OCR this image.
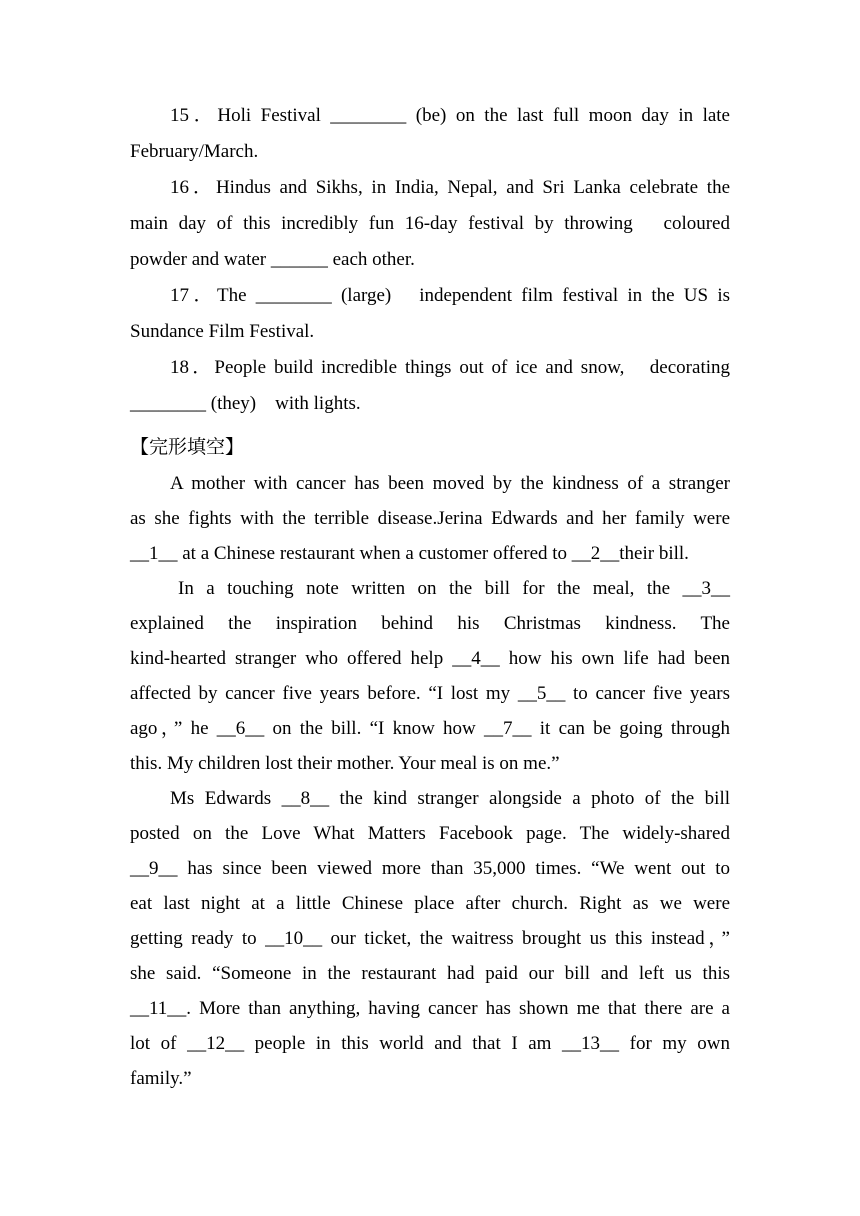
15．Holi Festival ________ (be) on the last full moon day in late
February/March.
16．Hindus and Sikhs, in India, Nepal, and Sri Lanka celebrate the
main day of this incredibly fun 16-day festival by throwing　coloured
powder and water ______ each other.
17．The ________ (large)　independent film festival in the US is
Sundance Film Festival.
18．People build incredible things out of ice and snow,　decorating
________ (they)　with lights.
【完形填空】
A mother with cancer has been moved by the kindness of a stranger
as she fights with the terrible disease.Jerina Edwards and her family were
__1__ at a Chinese restaurant when a customer offered to __2__their bill.
In a touching note written on the bill for the meal, the __3__
explained the inspiration behind his Christmas kindness. The
kind-hearted stranger who offered help __4__ how his own life had been
affected by cancer five years before. “I lost my __5__ to cancer five years
ago，” he __6__ on the bill. “I know how __7__ it can be going through
this. My children lost their mother. Your meal is on me.”
Ms Edwards __8__ the kind stranger alongside a photo of the bill
posted on the Love What Matters Facebook page. The widely-shared
__9__ has since been viewed more than 35,000 times. “We went out to
eat last night at a little Chinese place after church. Right as we were
getting ready to __10__ our ticket, the waitress brought us this instead，”
she said. “Someone in the restaurant had paid our bill and left us this
__11__. More than anything, having cancer has shown me that there are a
lot of __12__ people in this world and that I am __13__ for my own
family.”
